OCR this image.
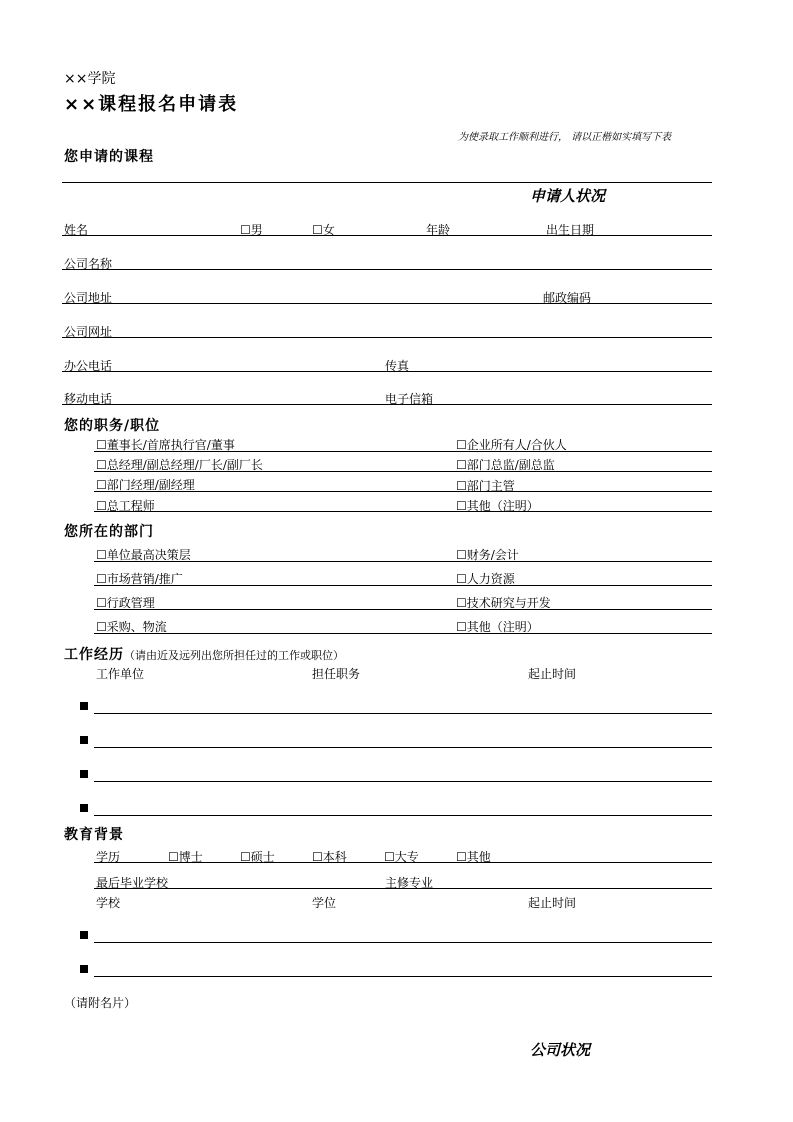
××学院
××课程报名申请表
为使录取工作顺利进行， 请以正楷如实填写下表
您申请的课程
申请人状况
姓名	☐ 男	☐ 女	年龄	出生日期
公司名称
公司地址	邮政编码
公司网址
办公电话	传真
移动电话	电子信箱
您的职务/职位
☐ 董事长/首席执行官/董事	☐ 企业所有人/合伙人
☐ 总经理/副总经理/厂长/副厂长	☐ 部门总监/副总监
☐ 部门经理/副经理	☐ 部门主管
☐ 总工程师	☐ 其他（注明）
您所在的部门
☐ 单位最高决策层	☐ 财务/会计
☐ 市场营销/推广	☐ 人力资源
☐ 行政管理	☐ 技术研究与开发
☐ 采购、物流	☐ 其他（注明）
工作经历（请由近及远列出您所担任过的工作或职位）
工作单位	担任职务	起止时间
教育背景
学历	☐ 博士	☐ 硕士	☐ 本科	☐ 大专	☐ 其他
最后毕业学校	主修专业
学校	学位	起止时间
（请附名片）
公司状况
